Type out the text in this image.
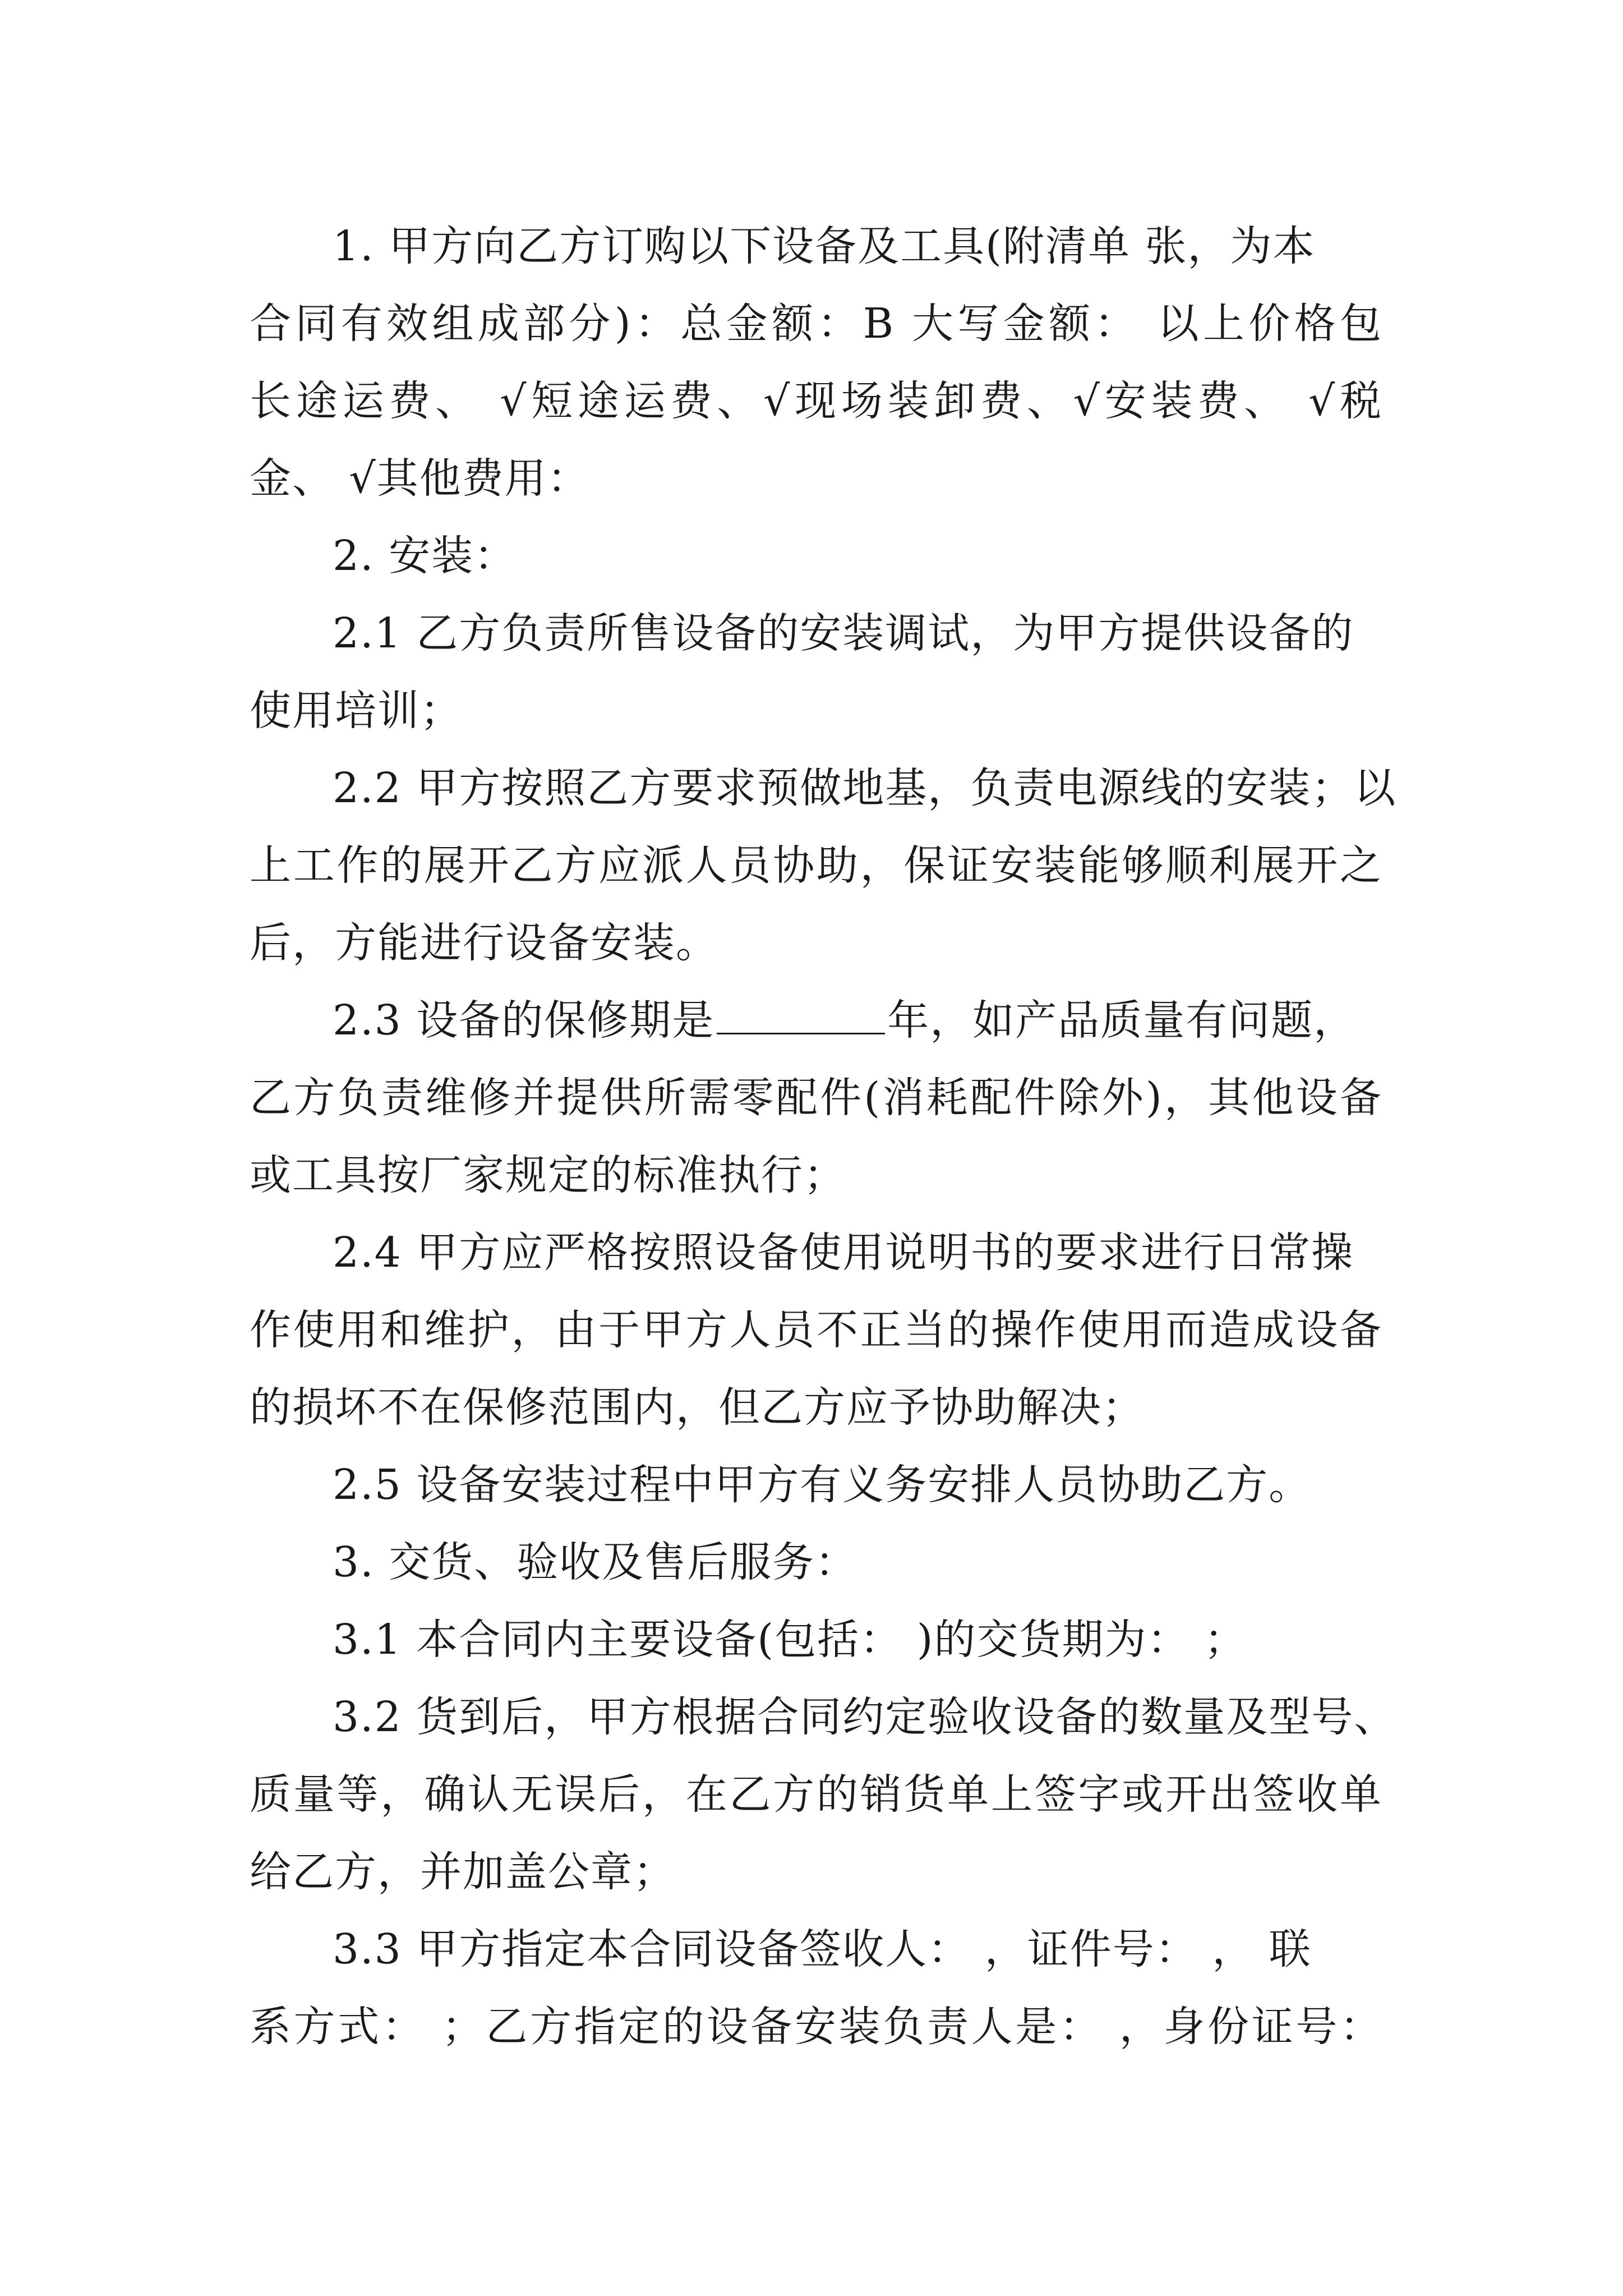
1. 甲方向乙方订购以下设备及工具(附清单 张，为本
合同有效组成部分)：总金额：B 大写金额： 以上价格包
长途运费、 √短途运费、√现场装卸费、√安装费、 √税
金、 √其他费用：
2. 安装：
2.1 乙方负责所售设备的安装调试，为甲方提供设备的
使用培训；
2.2 甲方按照乙方要求预做地基，负责电源线的安装；以
上工作的展开乙方应派人员协助，保证安装能够顺利展开之
后，方能进行设备安装。
2.3 设备的保修期是	年，如产品质量有问题，
乙方负责维修并提供所需零配件(消耗配件除外)，其他设备
或工具按厂家规定的标准执行；
2.4 甲方应严格按照设备使用说明书的要求进行日常操
作使用和维护，由于甲方人员不正当的操作使用而造成设备
的损坏不在保修范围内，但乙方应予协助解决；
2.5 设备安装过程中甲方有义务安排人员协助乙方。
3. 交货、验收及售后服务：
3.1 本合同内主要设备(包括： )的交货期为： ；
3.2 货到后，甲方根据合同约定验收设备的数量及型号、
质量等，确认无误后，在乙方的销货单上签字或开出签收单
给乙方，并加盖公章；
3.3 甲方指定本合同设备签收人： ，证件号： ， 联
系方式： ；乙方指定的设备安装负责人是： ，身份证号：
